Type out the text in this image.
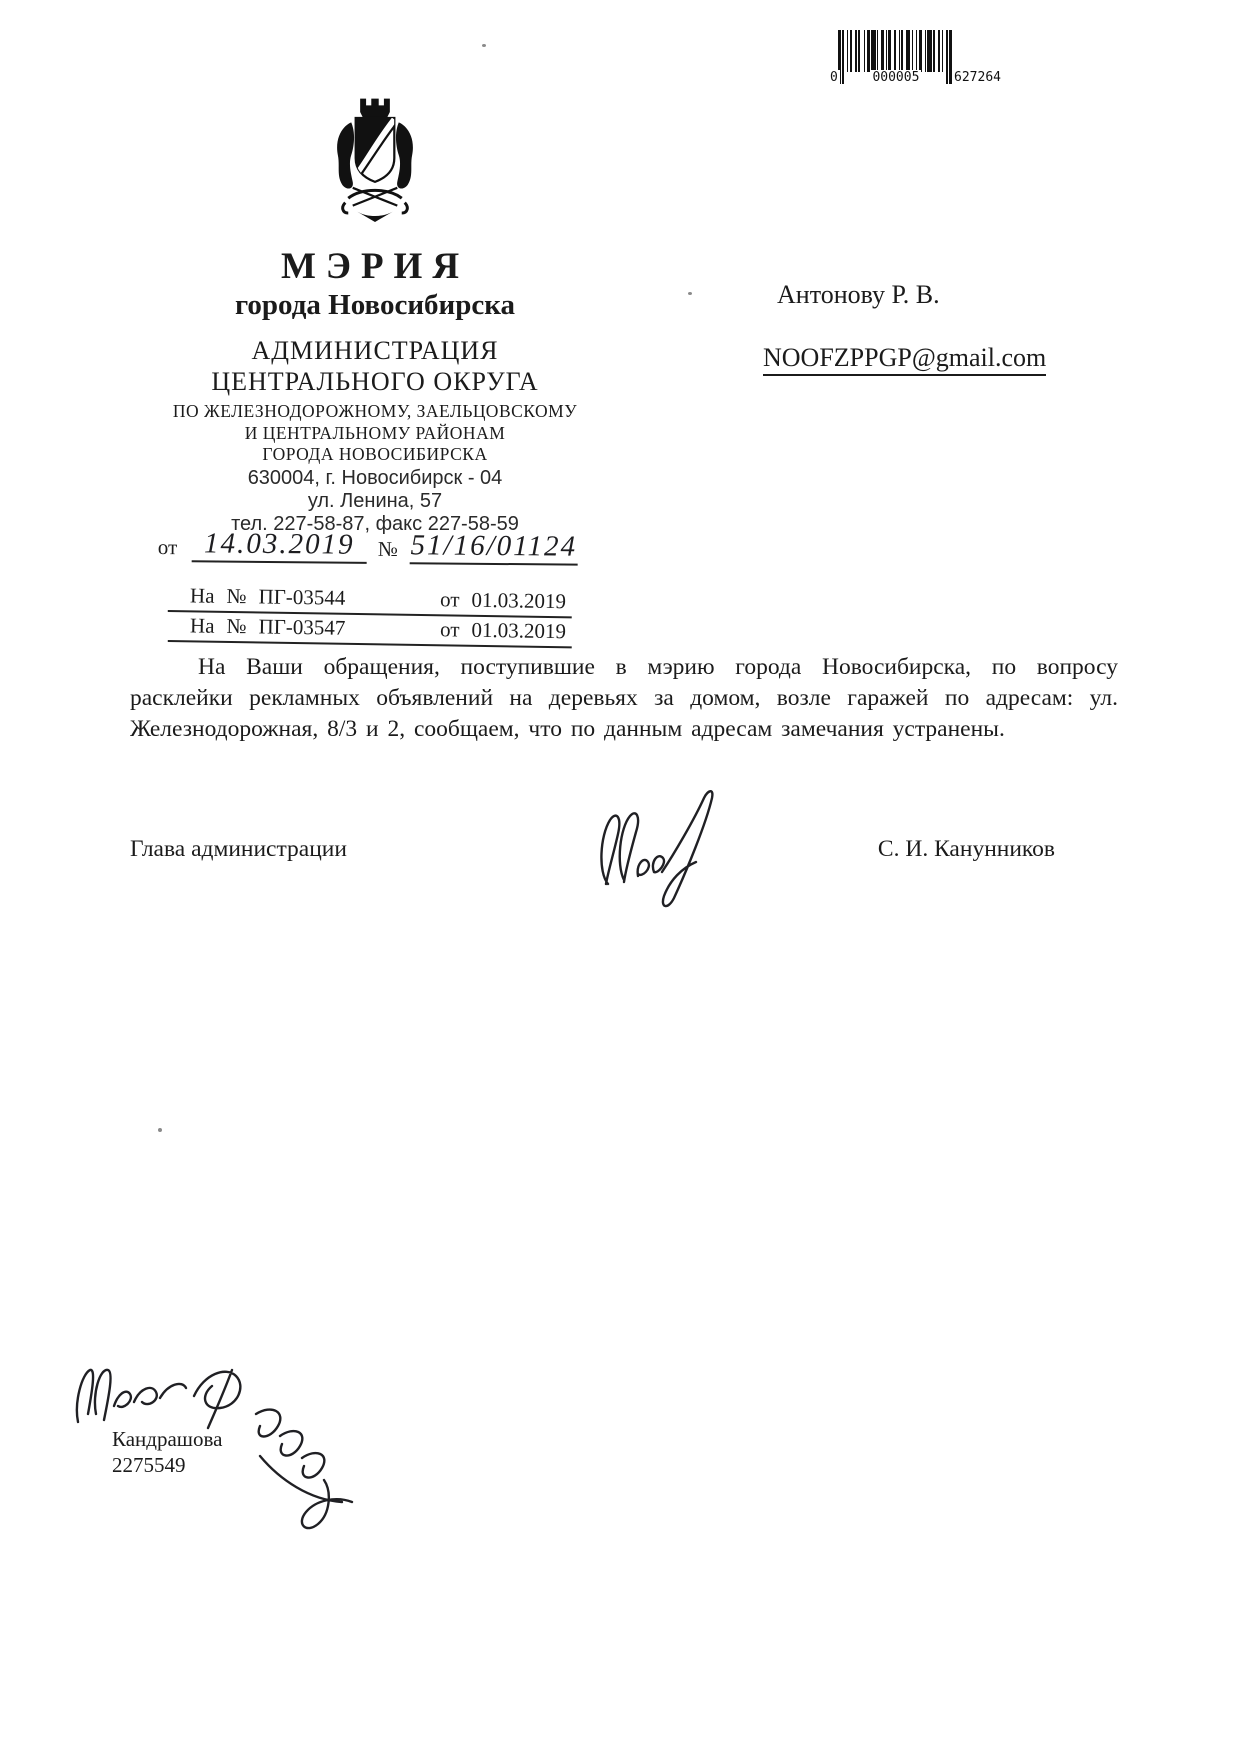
0	000005	627264
МЭРИЯ
города Новосибирска
АДМИНИСТРАЦИЯ
ЦЕНТРАЛЬНОГО ОКРУГА
ПО ЖЕЛЕЗНОДОРОЖНОМУ, ЗАЕЛЬЦОВСКОМУ
И ЦЕНТРАЛЬНОМУ РАЙОНАМ
ГОРОДА НОВОСИБИРСКА
630004, г. Новосибирск - 04
ул. Ленина, 57
тел. 227-58-87, факс 227-58-59
Антонову Р. В.
NOOFZPPGP@gmail.com
от 14.03.2019	№ 51/16/01124
На № ПГ-03544	от 01.03.2019
На № ПГ-03547	от 01.03.2019
На Ваши обращения, поступившие в мэрию города Новосибирска, по вопросу расклейки рекламных объявлений на деревьях за домом, возле гаражей по адресам: ул. Железнодорожная, 8/3 и 2, сообщаем, что по данным адресам замечания устранены.
Глава администрации	С. И. Канунников
Кандрашова
2275549
